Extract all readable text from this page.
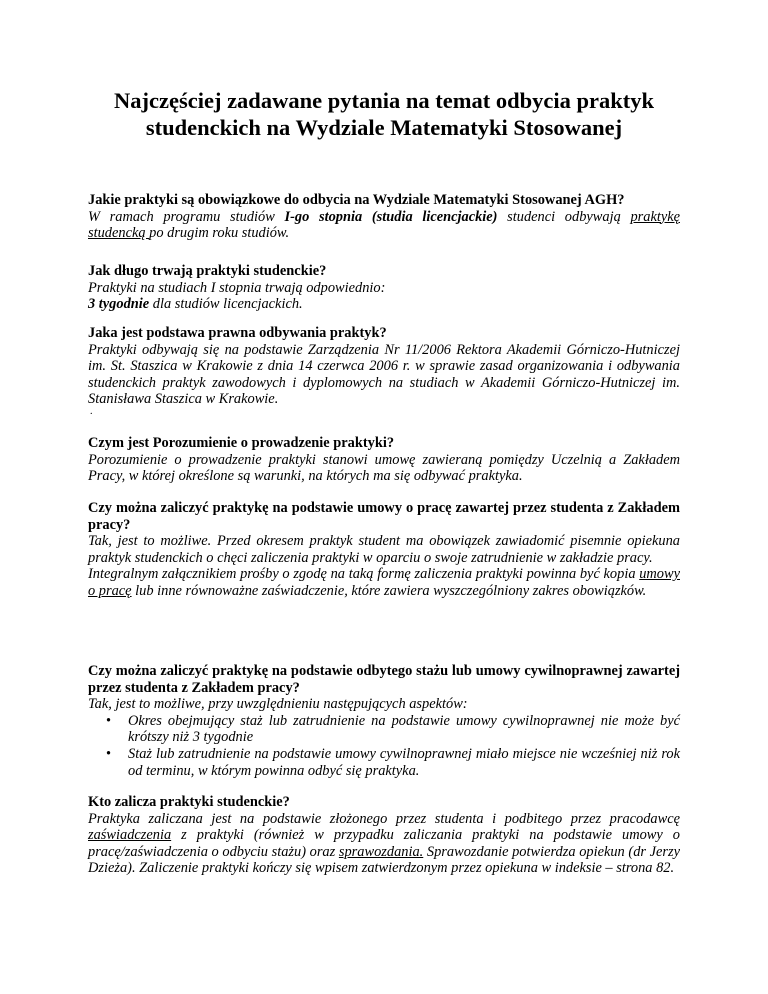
Najczęściej zadawane pytania na temat odbycia praktyk
studenckich na Wydziale Matematyki Stosowanej
Jakie praktyki są obowiązkowe do odbycia na Wydziale Matematyki Stosowanej AGH?
W ramach programu studiów I-go stopnia (studia licencjackie) studenci odbywają praktykę studencką po drugim roku studiów.
Jak długo trwają praktyki studenckie?
Praktyki na studiach I stopnia trwają odpowiednio:
3 tygodnie dla studiów licencjackich.
Jaka jest podstawa prawna odbywania praktyk?
Praktyki odbywają się na podstawie Zarządzenia Nr 11/2006 Rektora Akademii Górniczo-Hutniczej im. St. Staszica w Krakowie z dnia 14 czerwca 2006 r. w sprawie zasad organizowania i odbywania studenckich praktyk zawodowych i dyplomowych na studiach w Akademii Górniczo-Hutniczej im. Stanisława Staszica w Krakowie.
.
Czym jest Porozumienie o prowadzenie praktyki?
Porozumienie o prowadzenie praktyki stanowi umowę zawieraną pomiędzy Uczelnią a Zakładem Pracy, w której określone są warunki, na których ma się odbywać praktyka.
Czy można zaliczyć praktykę na podstawie umowy o pracę zawartej przez studenta z Zakładem pracy?
Tak, jest to możliwe. Przed okresem praktyk student ma obowiązek zawiadomić pisemnie opiekuna praktyk studenckich o chęci zaliczenia praktyki w oparciu o swoje zatrudnienie w zakładzie pracy.
Integralnym załącznikiem prośby o zgodę na taką formę zaliczenia praktyki powinna być kopia umowy o pracę lub inne równoważne zaświadczenie, które zawiera wyszczególniony zakres obowiązków.
Czy można zaliczyć praktykę na podstawie odbytego stażu lub umowy cywilnoprawnej zawartej przez studenta z Zakładem pracy?
Tak, jest to możliwe, przy uwzględnieniu następujących aspektów:
• Okres obejmujący staż lub zatrudnienie na podstawie umowy cywilnoprawnej nie może być krótszy niż 3 tygodnie
• Staż lub zatrudnienie na podstawie umowy cywilnoprawnej miało miejsce nie wcześniej niż rok od terminu, w którym powinna odbyć się praktyka.
Kto zalicza praktyki studenckie?
Praktyka zaliczana jest na podstawie złożonego przez studenta i podbitego przez pracodawcę zaświadczenia z praktyki (również w przypadku zaliczania praktyki na podstawie umowy o pracę/zaświadczenia o odbyciu stażu) oraz sprawozdania. Sprawozdanie potwierdza opiekun (dr Jerzy Dzieża). Zaliczenie praktyki kończy się wpisem zatwierdzonym przez opiekuna w indeksie – strona 82.
